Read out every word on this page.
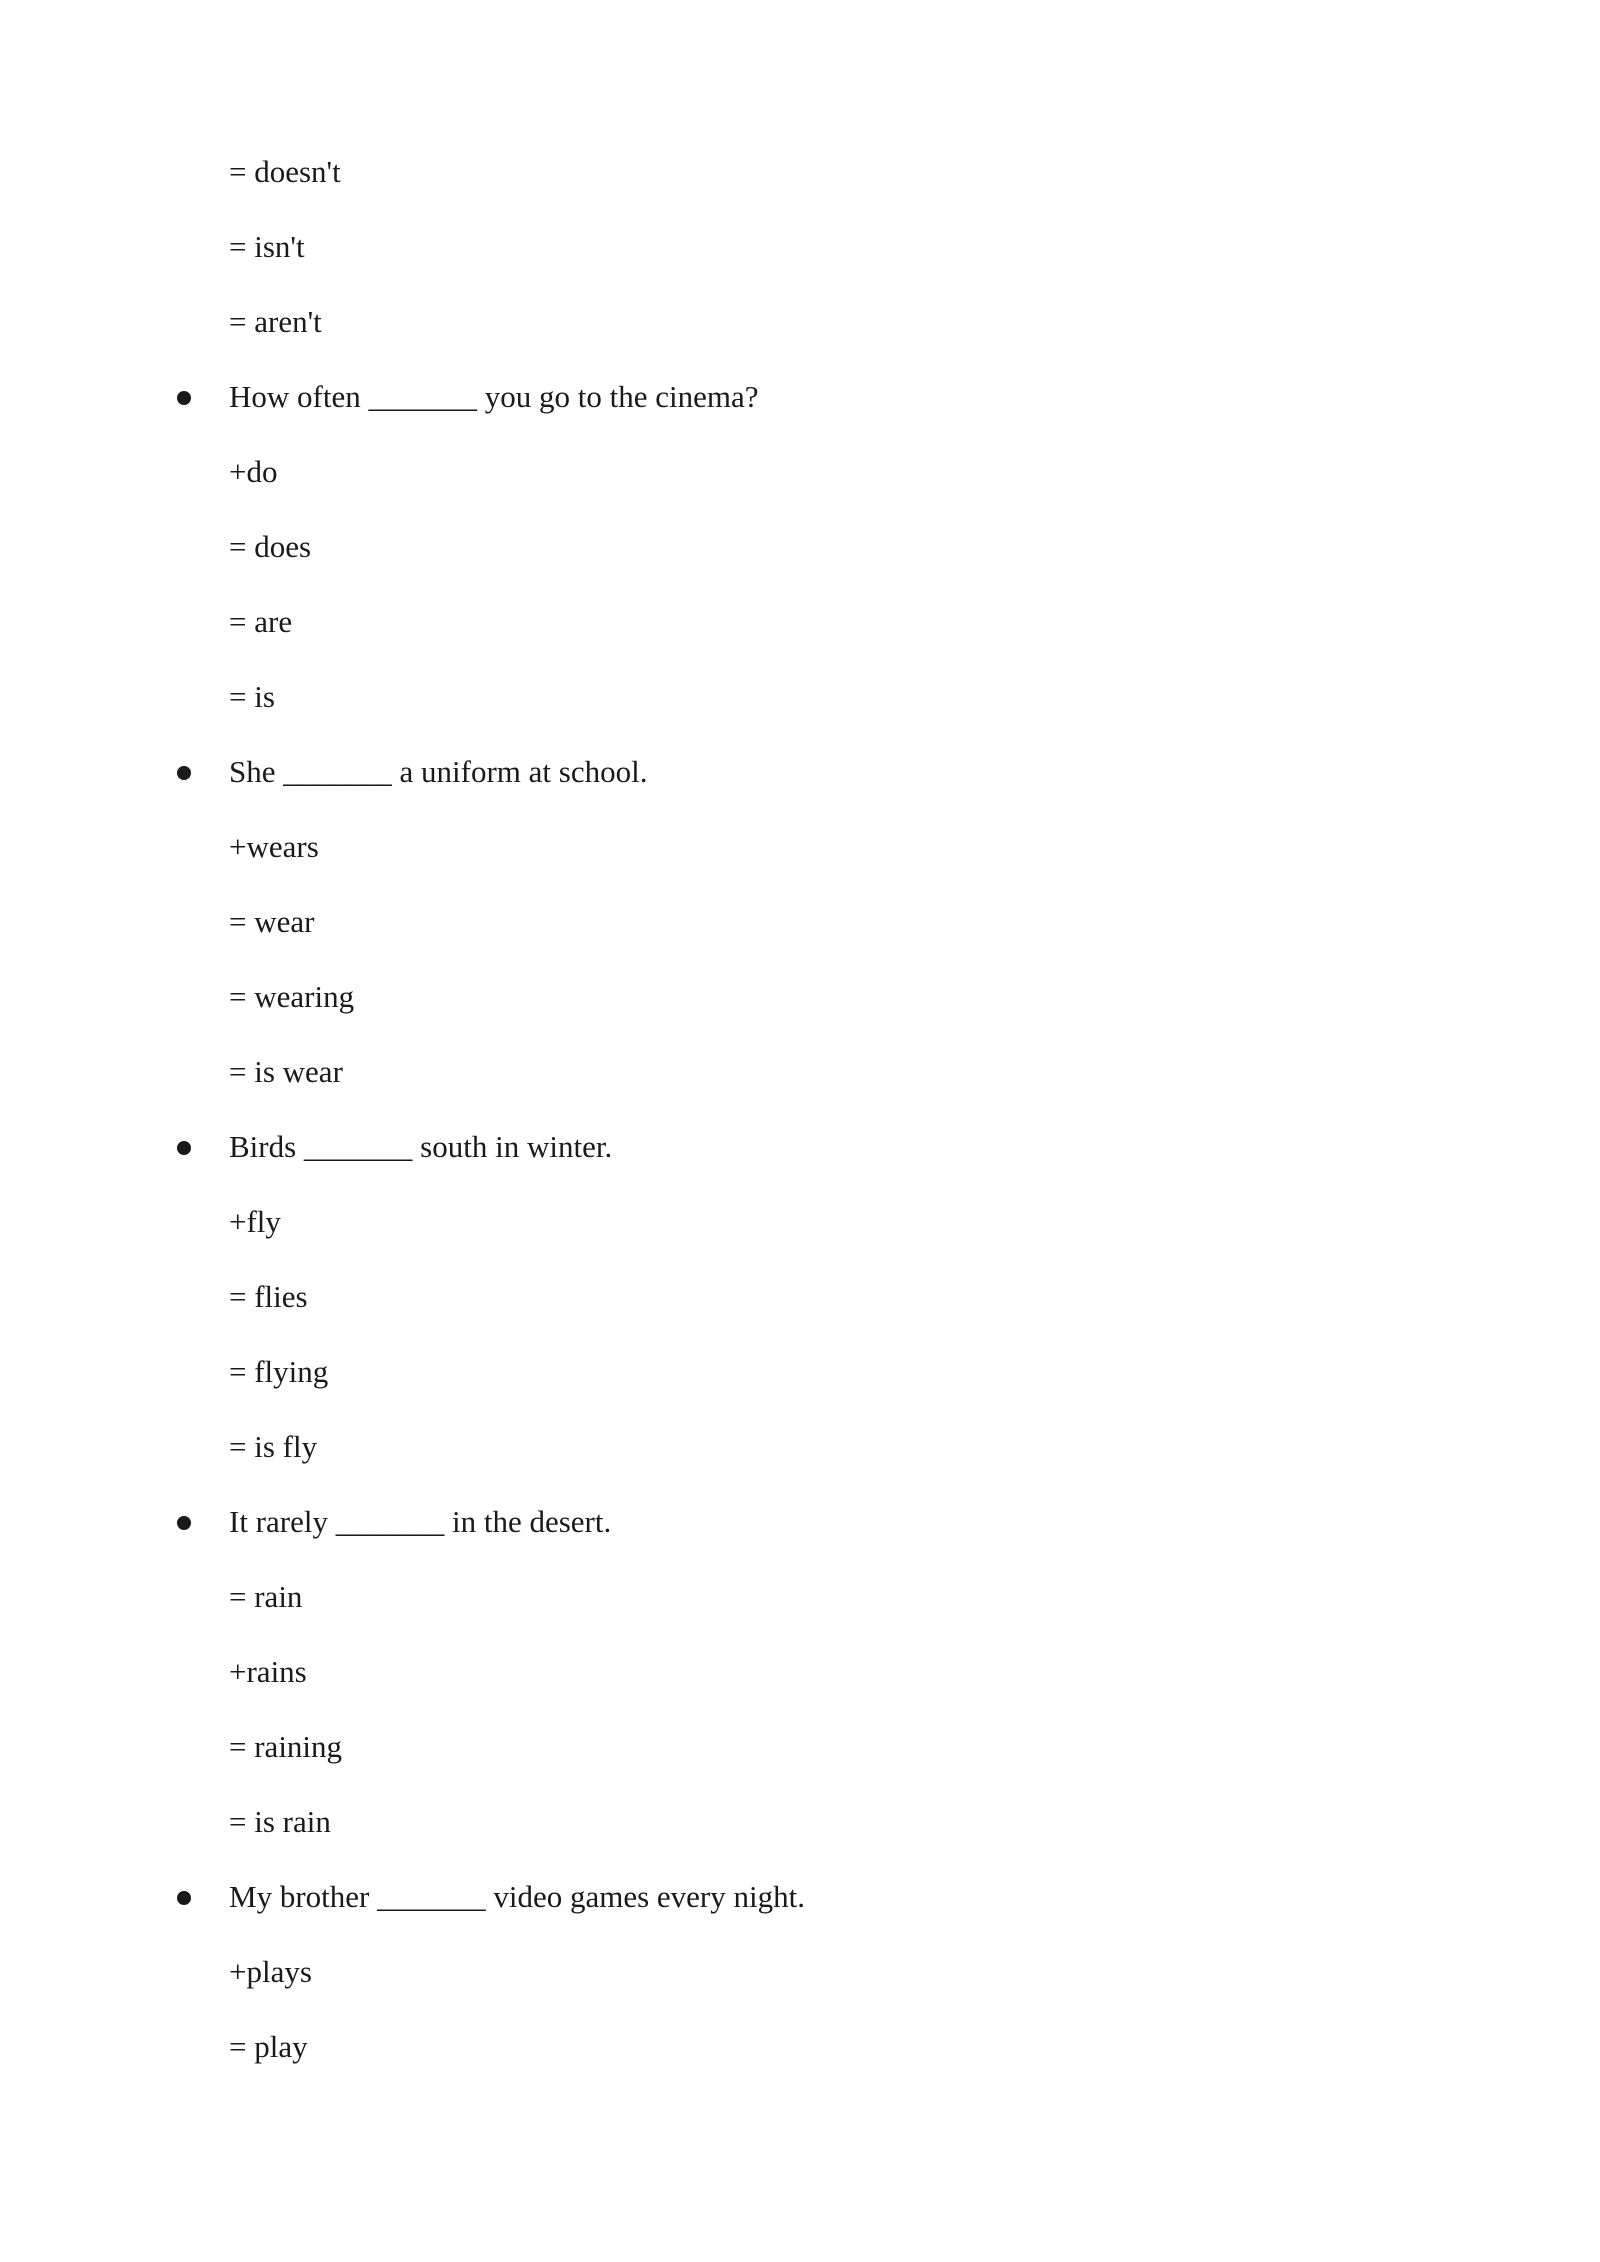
= doesn't
= isn't
= aren't
How often _______ you go to the cinema?
+do
= does
= are
= is
She _______ a uniform at school.
+wears
= wear
= wearing
= is wear
Birds _______ south in winter.
+fly
= flies
= flying
= is fly
It rarely _______ in the desert.
= rain
+rains
= raining
= is rain
My brother _______ video games every night.
+plays
= play
